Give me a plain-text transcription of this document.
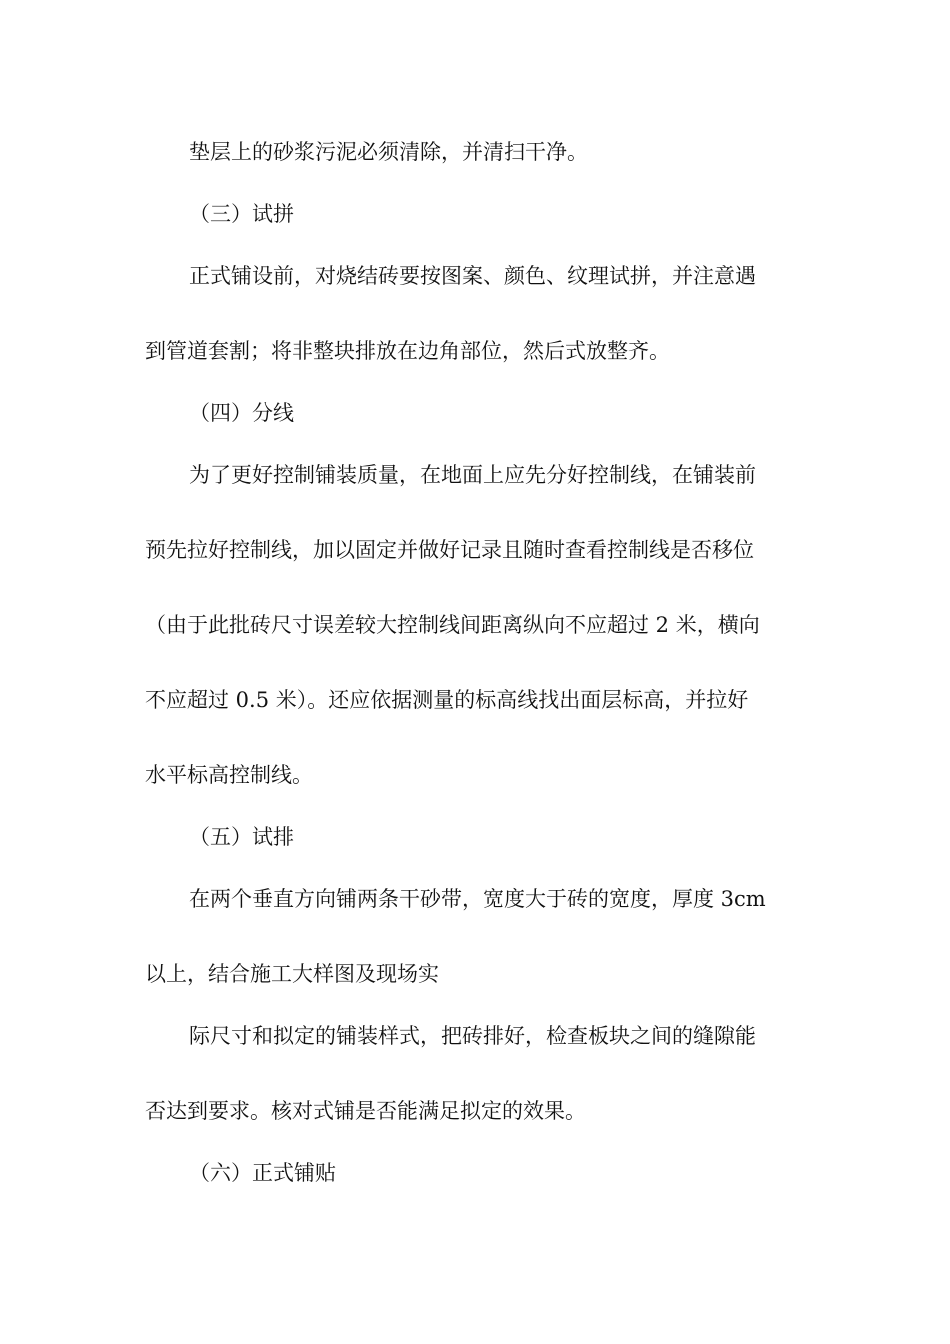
垫层上的砂浆污泥必须清除，并清扫干净。
（三）试拼
正式铺设前，对烧结砖要按图案、颜色、纹理试拼，并注意遇
到管道套割；将非整块排放在边角部位，然后式放整齐。
（四）分线
为了更好控制铺装质量，在地面上应先分好控制线，在铺装前
预先拉好控制线，加以固定并做好记录且随时查看控制线是否移位
（由于此批砖尺寸误差较大控制线间距离纵向不应超过 2 米，横向
不应超过 0.5 米）。还应依据测量的标高线找出面层标高，并拉好
水平标高控制线。
（五）试排
在两个垂直方向铺两条干砂带，宽度大于砖的宽度，厚度 3cm
以上，结合施工大样图及现场实
际尺寸和拟定的铺装样式，把砖排好，检查板块之间的缝隙能
否达到要求。核对式铺是否能满足拟定的效果。
（六）正式铺贴
